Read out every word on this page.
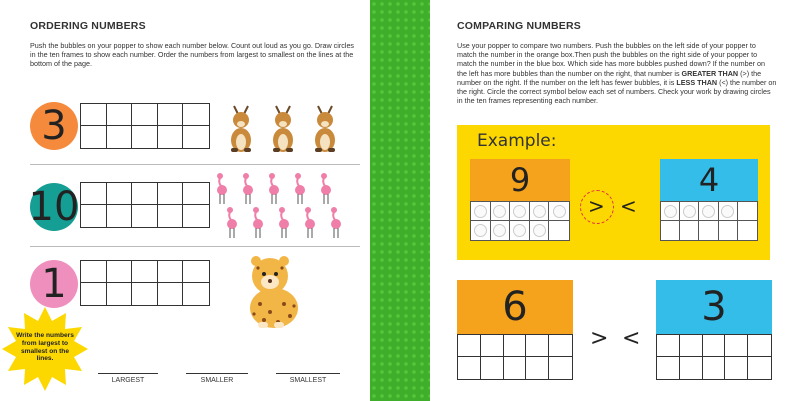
ORDERING NUMBERS
Push the bubbles on your popper to show each number below. Count out loud as you go. Draw circles in the ten frames to show each number. Order the numbers from largest to smallest on the lines at the bottom of the page.
3
10
1
Write the numbers from largest to smallest on the lines.
LARGEST	SMALLER	SMALLEST
COMPARING NUMBERS
Use your popper to compare two numbers. Push the bubbles on the left side of your popper to match the number in the orange box.Then push the bubbles on the right side of your popper to match the number in the blue box. Which side has more bubbles pushed down? If the number on the left has more bubbles than the number on the right, that number is GREATER THAN (>) the number on the right. If the number on the left has fewer bubbles, it is LESS THAN (<) the number on the right. Circle the correct symbol below each set of numbers. Check your work by drawing circles in the ten frames representing each number.
Example:
9
> <
4
6
> <
3
